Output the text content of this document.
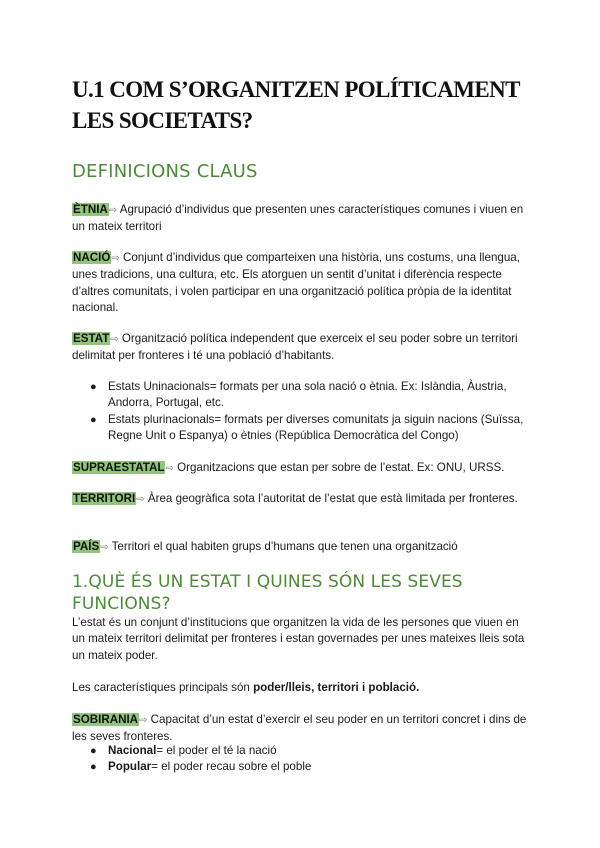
U.1 COM S’ORGANITZEN POLÍTICAMENT LES SOCIETATS?
DEFINICIONS CLAUS
ÈTNIA⇨ Agrupació d’individus que presenten unes característiques comunes i viuen en un mateix territori
NACIÓ⇨ Conjunt d’individus que comparteixen una història, uns costums, una llengua, unes tradicions, una cultura, etc. Els atorguen un sentit d’unitat i diferència respecte d’altres comunitats, i volen participar en una organització política pròpia de la identitat nacional.
ESTAT⇨ Organització política independent que exerceix el seu poder sobre un territori delimitat per fronteres i té una població d’habitants.
● Estats Uninacionals= formats per una sola nació o ètnia. Ex: Islàndia, Àustria, Andorra, Portugal, etc.
● Estats plurinacionals= formats per diverses comunitats ja siguin nacions (Suïssa, Regne Unit o Espanya) o ètnies (República Democràtica del Congo)
SUPRAESTATAL⇨ Organitzacions que estan per sobre de l’estat. Ex: ONU, URSS.
TERRITORI⇨ Àrea geogràfica sota l’autoritat de l’estat que està limitada per fronteres.
PAÍS⇨ Territori el qual habiten grups d’humans que tenen una organització
1.QUÈ ÉS UN ESTAT I QUINES SÓN LES SEVES FUNCIONS?
L’estat és un conjunt d’institucions que organitzen la vida de les persones que viuen en un mateix territori delimitat per fronteres i estan governades per unes mateixes lleis sota un mateix poder.
Les característiques principals són poder/lleis, territori i població.
SOBIRANIA⇨ Capacitat d’un estat d’exercir el seu poder en un territori concret i dins de les seves fronteres.
● Nacional= el poder el té la nació
● Popular= el poder recau sobre el poble
